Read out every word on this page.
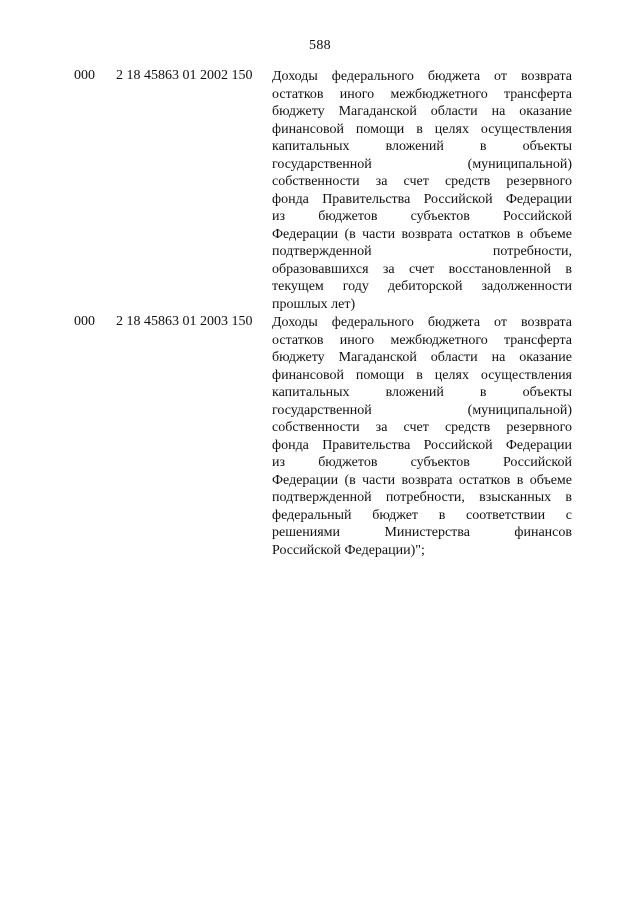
588
000 2 18 45863 01 2002 150 Доходы федерального бюджета от возврата
остатков иного межбюджетного трансферта
бюджету Магаданской области на оказание
финансовой помощи в целях осуществления
капитальных вложений в объекты
государственной (муниципальной)
собственности за счет средств резервного
фонда Правительства Российской Федерации
из бюджетов субъектов Российской
Федерации (в части возврата остатков в объеме
подтвержденной потребности,
образовавшихся за счет восстановленной в
текущем году дебиторской задолженности
прошлых лет)
000 2 18 45863 01 2003 150 Доходы федерального бюджета от возврата
остатков иного межбюджетного трансферта
бюджету Магаданской области на оказание
финансовой помощи в целях осуществления
капитальных вложений в объекты
государственной (муниципальной)
собственности за счет средств резервного
фонда Правительства Российской Федерации
из бюджетов субъектов Российской
Федерации (в части возврата остатков в объеме
подтвержденной потребности, взысканных в
федеральный бюджет в соответствии с
решениями Министерства финансов
Российской Федерации)";
